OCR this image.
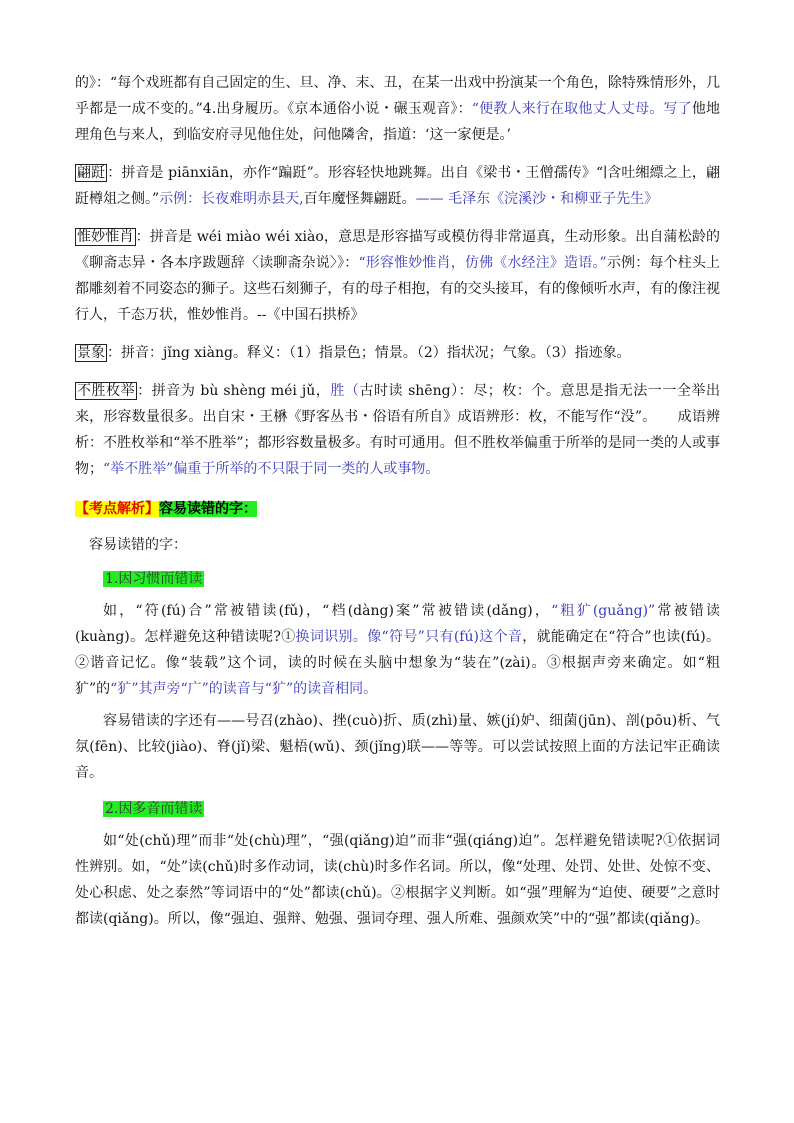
的》：“每个戏班都有自己固定的生、旦、净、末、丑，在某一出戏中扮演某一个角色，除特殊情形外，几乎都是一成不变的。”4.出身履历。《京本通俗小说・碾玉观音》：“便教人来行在取他丈人丈母。写了他地理角色与来人，到临安府寻见他住处，问他隣舍，指道：‘这一家便是。’

翩跹 ：拼音是 piānxiān，亦作“蹁跹”。形容轻快地跳舞。出自《梁书・王僧孺传》“∣含吐缃縹之上，翩跹樽俎之侧。”示例：长夜难明赤县天,百年魔怪舞翩跹。—— 毛泽东《浣溪沙・和柳亚子先生》

惟妙惟肖 ：拼音是 wéi miào wéi xiào，意思是形容描写或模仿得非常逼真，生动形象。出自蒲松龄的《聊斋志异・各本序跋题辞〈读聊斋杂说〉》：“形容惟妙惟肖，仿佛《水经注》造语。”示例：每个柱头上都雕刻着不同姿态的狮子。这些石刻狮子，有的母子相抱，有的交头接耳，有的像倾听水声，有的像注视行人，千态万状，惟妙惟肖。--《中国石拱桥》

景象 ：拼音：jǐng xiàng。释义：（1）指景色；情景。（2）指状况；气象。（3）指迹象。

不胜枚举 ：拼音为 bù shèng méi jǔ，胜（古时读 shēng）：尽；枚：个。意思是指无法一一全举出来，形容数量很多。出自宋・王楙《野客丛书・俗语有所自》成语辨形：枚，不能写作“没”。　　成语辨析：不胜枚举和“举不胜举”；都形容数量极多。有时可通用。但不胜枚举偏重于所举的是同一类的人或事物；“举不胜举”偏重于所举的不只限于同一类的人或事物。

【考点解析】容易读错的字：

容易读错的字：

1.因习惯而错读

如，“符(fú)合”常被错读(fǔ)，“档(dàng)案”常被错读(dǎng)，“粗犷(guǎng)”常被错读(kuàng)。怎样避免这种错读呢?①换词识别。像“符号”只有(fú)这个音，就能确定在“符合”也读(fú)。②谐音记忆。像“装载”这个词，读的时候在头脑中想象为“装在”(zài)。③根据声旁来确定。如“粗犷”的“犷”其声旁“广”的读音与“犷”的读音相同。

容易错读的字还有——号召(zhào)、挫(cuò)折、质(zhì)量、嫉(jí)妒、细菌(jūn)、剖(pōu)析、气氛(fēn)、比较(jiào)、脊(jǐ)梁、魁梧(wǔ)、颈(jǐng)联——等等。可以尝试按照上面的方法记牢正确读音。

2.因多音而错读

如“处(chǔ)理”而非“处(chù)理”，“强(qiǎng)迫”而非“强(qiáng)迫”。怎样避免错读呢?①依据词性辨别。如，“处”读(chǔ)时多作动词，读(chù)时多作名词。所以，像“处理、处罚、处世、处惊不变、处心积虑、处之泰然”等词语中的“处”都读(chǔ)。②根据字义判断。如“强”理解为“迫使、硬要”之意时都读(qiǎng)。所以，像“强迫、强辩、勉强、强词夺理、强人所难、强颜欢笑”中的“强”都读(qiǎng)。
